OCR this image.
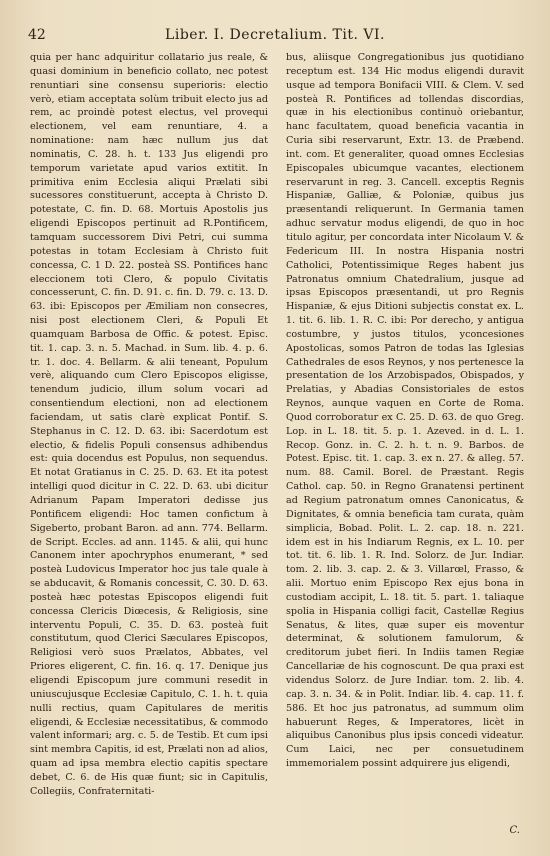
42	Liber. I. Decretalium. Tit. VI.

quia per hanc adquiritur collatario jus reale, & quasi dominium in beneficio collato, nec potest renuntiari sine consensu superioris: electio verò, etiam acceptata solùm tribuit electo jus ad rem, ac proindè potest electus, vel provequi electionem, vel eam renuntiare, 4. a nominatione: nam hæc nullum jus dat nominatis, C. 28. h. t. 133 Jus eligendi pro temporum varietate apud varios extitit. In primitiva enim Ecclesia aliqui Prælati sibi sucessores constituerunt, accepta à Christo D. potestate, C. fin. D. 68. Mortuis Apostolis jus eligendi Episcopos pertinuit ad R.Pontificem, tamquam successorem Divi Petri, cui summa potestas in totam Ecclesiam à Christo fuit concessa, C. 1 D. 22. posteà SS. Pontifices hanc eleccionem toti Clero, & populo Civitatis concesserunt, C. fin. D. 91. c. fin. D. 79. c. 13. D. 63. ibi: Episcopos per Æmiliam non consecres, nisi post electionem Cleri, & Populi Et quamquam Barbosa de Offic. & potest. Episc. tit. 1. cap. 3. n. 5. Machad. in Sum. lib. 4. p. 6. tr. 1. doc. 4. Bellarm. & alii teneant, Populum verè, aliquando cum Clero Episcopos eligisse, tenendum judicio, illum solum vocari ad consentiendum electioni, non ad electionem faciendam, ut satis clarè explicat Pontif. S. Stephanus in C. 12. D. 63. ibi: Sacerdotum est electio, & fidelis Populi consensus adhibendus est: quia docendus est Populus, non sequendus. Et notat Gratianus in C. 25. D. 63. Et ita potest intelligi quod dicitur in C. 22. D. 63. ubi dicitur Adrianum Papam Imperatori dedisse jus Pontificem eligendi: Hoc tamen confictum à Sigeberto, probant Baron. ad ann. 774. Bellarm. de Script. Eccles. ad ann. 1145. & alii, qui hunc Canonem inter apochryphos enumerant, * sed posteà Ludovicus Imperator hoc jus tale quale à se abducavit, & Romanis concessit, C. 30. D. 63. posteà hæc potestas Episcopos eligendi fuit concessa Clericis Diœcesis, & Religiosis, sine interventu Populi, C. 35. D. 63. posteà fuit constitutum, quod Clerici Sæculares Episcopos, Religiosi verò suos Prælatos, Abbates, vel Priores eligerent, C. fin. 16. q. 17. Denique jus eligendi Episcopum jure communi resedit in uniuscujusque Ecclesiæ Capitulo, C. 1. h. t. quia nulli rectius, quam Capitulares de meritis eligendi, & Ecclesiæ necessitatibus, & commodo valent informari; arg. c. 5. de Testib. Et cum ipsi sint membra Capitis, id est, Prælati non ad alios, quam ad ipsa membra electio capitis spectare debet, C. 6. de His quæ fiunt; sic in Capitulis, Collegiis, Confraternitati-

bus, aliisque Congregationibus jus quotidiano receptum est. 134 Hic modus eligendi duravit usque ad tempora Bonifacii VIII. & Clem. V. sed posteà R. Pontifices ad tollendas discordias, quæ in his electionibus continuò oriebantur, hanc facultatem, quoad beneficia vacantia in Curia sibi reservarunt, Extr. 13. de Præbend. int. com. Et generaliter, quoad omnes Ecclesias Episcopales ubicumque vacantes, electionem reservarunt in reg. 3. Cancell. exceptis Regnis Hispaniæ, Galliæ, & Poloniæ, quibus jus præsentandi reliquerunt. In Germania tamen adhuc servatur modus eligendi, de quo in hoc titulo agitur, per concordata inter Nicolaum V. & Federicum III. In nostra Hispania nostri Catholici, Potentissimique Reges habent jus Patronatus omnium Chatedralium, jusque ad ipsas Episcopos præsentandi, ut pro Regnis Hispaniæ, & ejus Ditioni subjectis constat ex. L. 1. tit. 6. lib. 1. R. C. ibi: Por derecho, y antigua costumbre, y justos titulos, yconcesiones Apostolicas, somos Patron de todas las Iglesias Cathedrales de esos Reynos, y nos pertenesce la presentation de los Arzobispados, Obispados, y Prelatias, y Abadias Consistoriales de estos Reynos, aunque vaquen en Corte de Roma. Quod corroboratur ex C. 25. D. 63. de quo Greg. Lop. in L. 18. tit. 5. p. 1. Azeved. in d. L. 1. Recop. Gonz. in. C. 2. h. t. n. 9. Barbos. de Potest. Episc. tit. 1. cap. 3. ex n. 27. & alleg. 57. num. 88. Camil. Borel. de Præstant. Regis Cathol. cap. 50. in Regno Granatensi pertinent ad Regium patronatum omnes Canonicatus, & Dignitates, & omnia beneficia tam curata, quàm simplicia, Bobad. Polit. L. 2. cap. 18. n. 221. idem est in his Indiarum Regnis, ex L. 10. per tot. tit. 6. lib. 1. R. Ind. Solorz. de Jur. Indiar. tom. 2. lib. 3. cap. 2. & 3. Villarœl, Frasso, & alii. Mortuo enim Episcopo Rex ejus bona in custodiam accipit, L. 18. tit. 5. part. 1. taliaque spolia in Hispania colligi facit, Castellæ Regius Senatus, & lites, quæ super eis moventur determinat, & solutionem famulorum, & creditorum jubet fieri. In Indiis tamen Regiæ Cancellariæ de his cognoscunt. De qua praxi est videndus Solorz. de Jure Indiar. tom. 2. lib. 4. cap. 3. n. 34. & in Polit. Indiar. lib. 4. cap. 11. f. 586. Et hoc jus patronatus, ad summum olim habuerunt Reges, & Imperatores, licèt in aliquibus Canonibus plus ipsis concedi videatur. Cum Laici, nec per consuetudinem immemorialem possint adquirere jus eligendi,

C.
